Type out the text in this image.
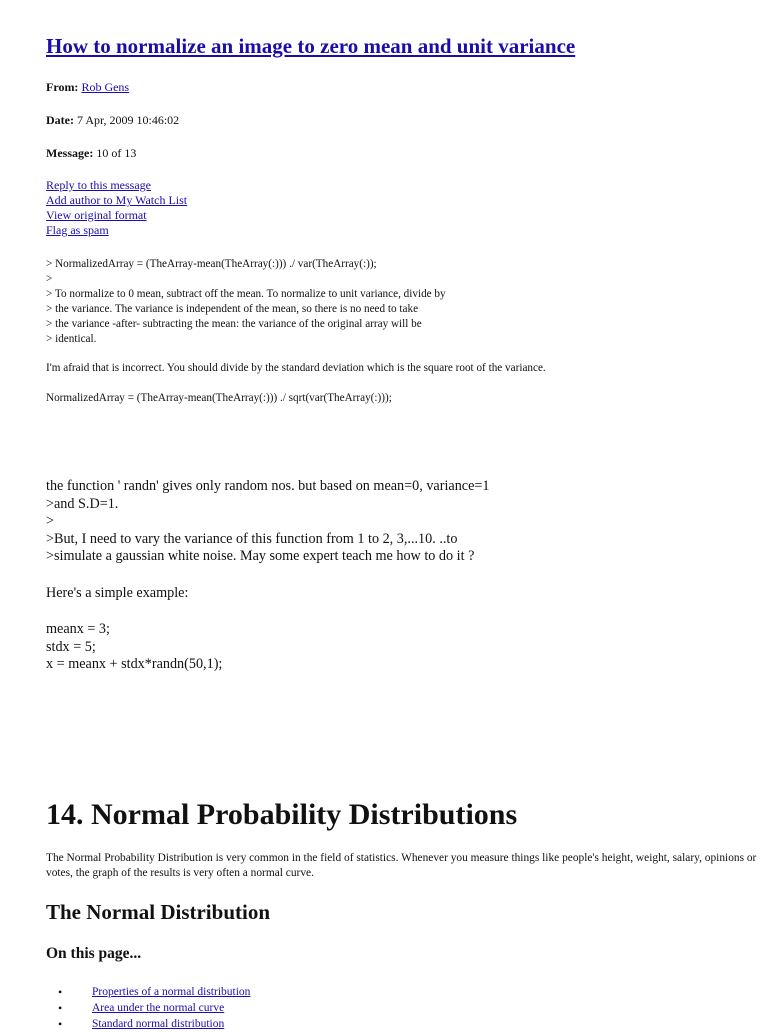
How to normalize an image to zero mean and unit variance
From: Rob Gens
Date: 7 Apr, 2009 10:46:02
Message: 10 of 13
Reply to this message
Add author to My Watch List
View original format
Flag as spam
> NormalizedArray = (TheArray-mean(TheArray(:))) ./ var(TheArray(:));
>
> To normalize to 0 mean, subtract off the mean. To normalize to unit variance, divide by
> the variance. The variance is independent of the mean, so there is no need to take
> the variance -after- subtracting the mean: the variance of the original array will be
> identical.
I'm afraid that is incorrect. You should divide by the standard deviation which is the square root of the variance.
NormalizedArray = (TheArray-mean(TheArray(:))) ./ sqrt(var(TheArray(:)));
the function ' randn' gives only random nos. but based on mean=0, variance=1
>and S.D=1.
>
>But, I need to vary the variance of this function from 1 to 2, 3,...10. ..to
>simulate a gaussian white noise. May some expert teach me how to do it ?
Here's a simple example:
meanx = 3;
stdx = 5;
x = meanx + stdx*randn(50,1);
14. Normal Probability Distributions
The Normal Probability Distribution is very common in the field of statistics. Whenever you measure things like people's height, weight, salary, opinions or votes, the graph of the results is very often a normal curve.
The Normal Distribution
On this page...
•	Properties of a normal distribution
•	Area under the normal curve
•	Standard normal distribution
